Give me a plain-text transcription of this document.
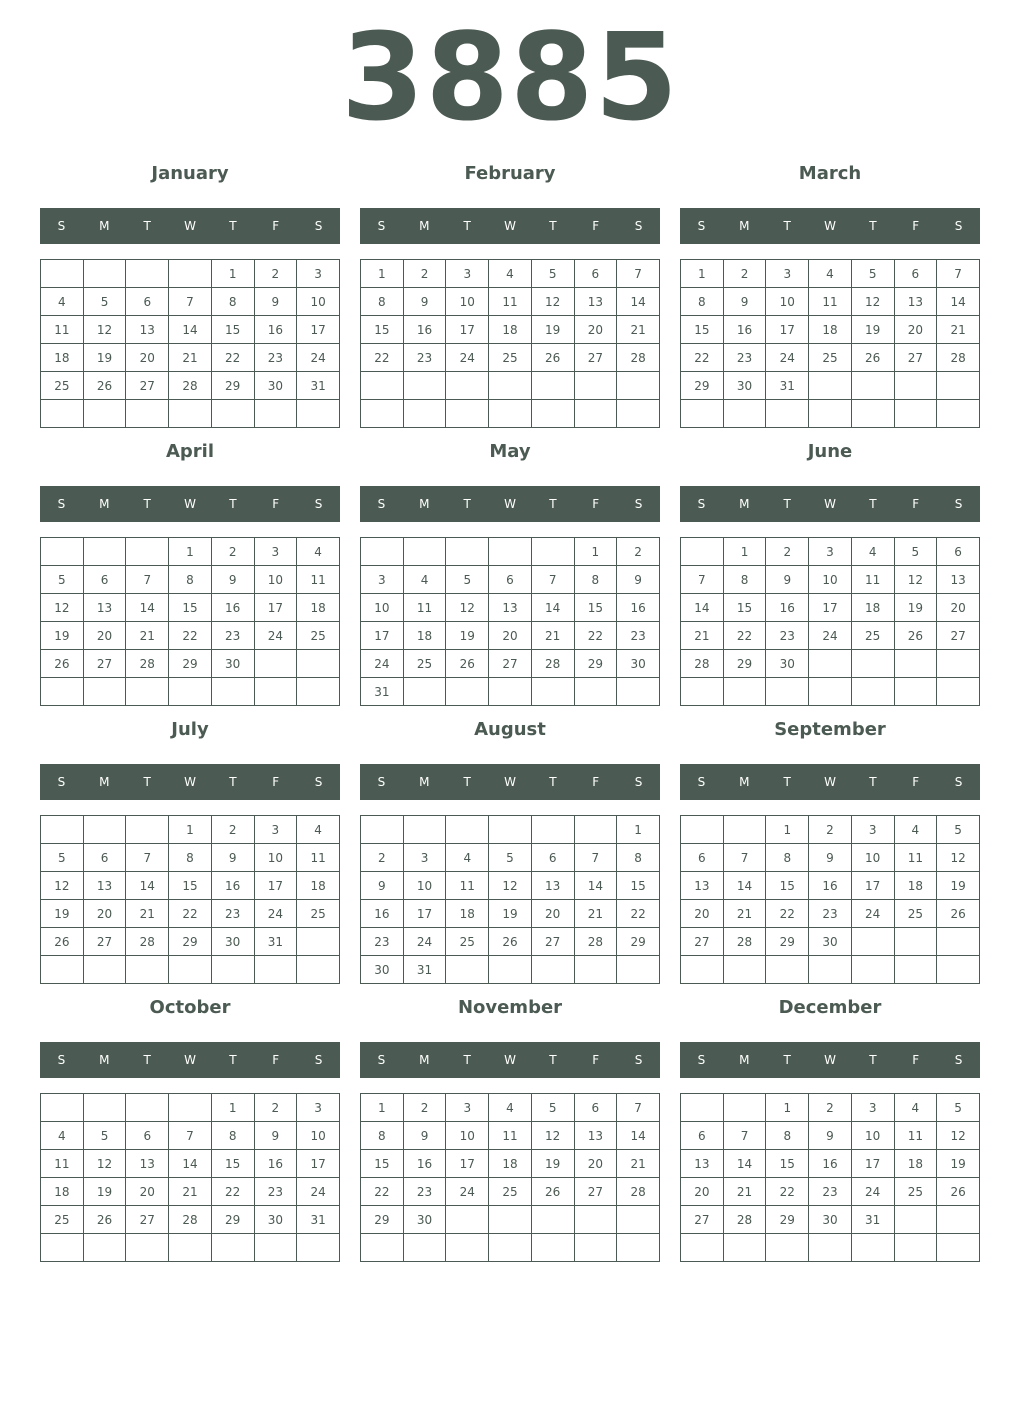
3885
January
S	M	T	W	T	F	S
				1	2	3
4	5	6	7	8	9	10
11	12	13	14	15	16	17
18	19	20	21	22	23	24
25	26	27	28	29	30	31

February
S	M	T	W	T	F	S
1	2	3	4	5	6	7
8	9	10	11	12	13	14
15	16	17	18	19	20	21
22	23	24	25	26	27	28

March
S	M	T	W	T	F	S
1	2	3	4	5	6	7
8	9	10	11	12	13	14
15	16	17	18	19	20	21
22	23	24	25	26	27	28
29	30	31				

April
S	M	T	W	T	F	S
			1	2	3	4
5	6	7	8	9	10	11
12	13	14	15	16	17	18
19	20	21	22	23	24	25
26	27	28	29	30		

May
S	M	T	W	T	F	S
					1	2
3	4	5	6	7	8	9
10	11	12	13	14	15	16
17	18	19	20	21	22	23
24	25	26	27	28	29	30
31						
June
S	M	T	W	T	F	S
	1	2	3	4	5	6
7	8	9	10	11	12	13
14	15	16	17	18	19	20
21	22	23	24	25	26	27
28	29	30				

July
S	M	T	W	T	F	S
			1	2	3	4
5	6	7	8	9	10	11
12	13	14	15	16	17	18
19	20	21	22	23	24	25
26	27	28	29	30	31	

August
S	M	T	W	T	F	S
						1
2	3	4	5	6	7	8
9	10	11	12	13	14	15
16	17	18	19	20	21	22
23	24	25	26	27	28	29
30	31					
September
S	M	T	W	T	F	S
		1	2	3	4	5
6	7	8	9	10	11	12
13	14	15	16	17	18	19
20	21	22	23	24	25	26
27	28	29	30			

October
S	M	T	W	T	F	S
				1	2	3
4	5	6	7	8	9	10
11	12	13	14	15	16	17
18	19	20	21	22	23	24
25	26	27	28	29	30	31

November
S	M	T	W	T	F	S
1	2	3	4	5	6	7
8	9	10	11	12	13	14
15	16	17	18	19	20	21
22	23	24	25	26	27	28
29	30					

December
S	M	T	W	T	F	S
		1	2	3	4	5
6	7	8	9	10	11	12
13	14	15	16	17	18	19
20	21	22	23	24	25	26
27	28	29	30	31		
